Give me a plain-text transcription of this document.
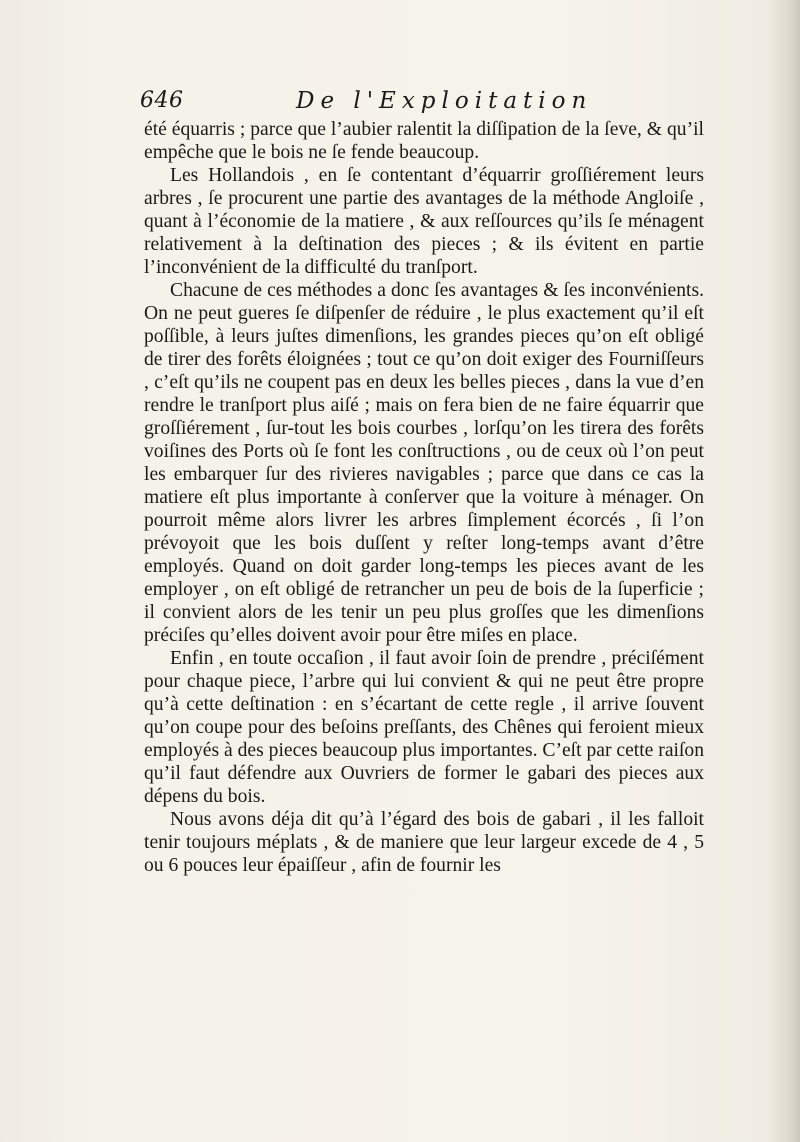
646	De l'Exploitation

été équarris ; parce que l’aubier ralentit la diſſipation de la ſeve, & qu’il empêche que le bois ne ſe fende beaucoup.

Les Hollandois , en ſe contentant d’équarrir groſſiérement leurs arbres , ſe procurent une partie des avantages de la méthode Angloiſe , quant à l’économie de la matiere , & aux reſſources qu’ils ſe ménagent relativement à la deſtination des pieces ; & ils évitent en partie l’inconvénient de la difficulté du tranſport.

Chacune de ces méthodes a donc ſes avantages & ſes inconvénients. On ne peut gueres ſe diſpenſer de réduire , le plus exactement qu’il eſt poſſible, à leurs juſtes dimenſions, les grandes pieces qu’on eſt obligé de tirer des forêts éloignées ; tout ce qu’on doit exiger des Fourniſſeurs , c’eſt qu’ils ne coupent pas en deux les belles pieces , dans la vue d’en rendre le tranſport plus aiſé ; mais on fera bien de ne faire équarrir que groſſiérement , ſur-tout les bois courbes , lorſqu’on les tirera des forêts voiſines des Ports où ſe font les conſtructions , ou de ceux où l’on peut les embarquer ſur des rivieres navigables ; parce que dans ce cas la matiere eſt plus importante à conſerver que la voiture à ménager. On pourroit même alors livrer les arbres ſimplement écorcés , ſi l’on prévoyoit que les bois duſſent y reſter long-temps avant d’être employés. Quand on doit garder long-temps les pieces avant de les employer , on eſt obligé de retrancher un peu de bois de la ſuperficie ; il convient alors de les tenir un peu plus groſſes que les dimenſions préciſes qu’elles doivent avoir pour être miſes en place.

Enfin , en toute occaſion , il faut avoir ſoin de prendre , préciſément pour chaque piece, l’arbre qui lui convient & qui ne peut être propre qu’à cette deſtination : en s’écartant de cette regle , il arrive ſouvent qu’on coupe pour des beſoins preſſants, des Chênes qui feroient mieux employés à des pieces beaucoup plus importantes. C’eſt par cette raiſon qu’il faut défendre aux Ouvriers de former le gabari des pieces aux dépens du bois.

Nous avons déja dit qu’à l’égard des bois de gabari , il les falloit tenir toujours méplats , & de maniere que leur largeur excede de 4 , 5 ou 6 pouces leur épaiſſeur , afin de fournir les
